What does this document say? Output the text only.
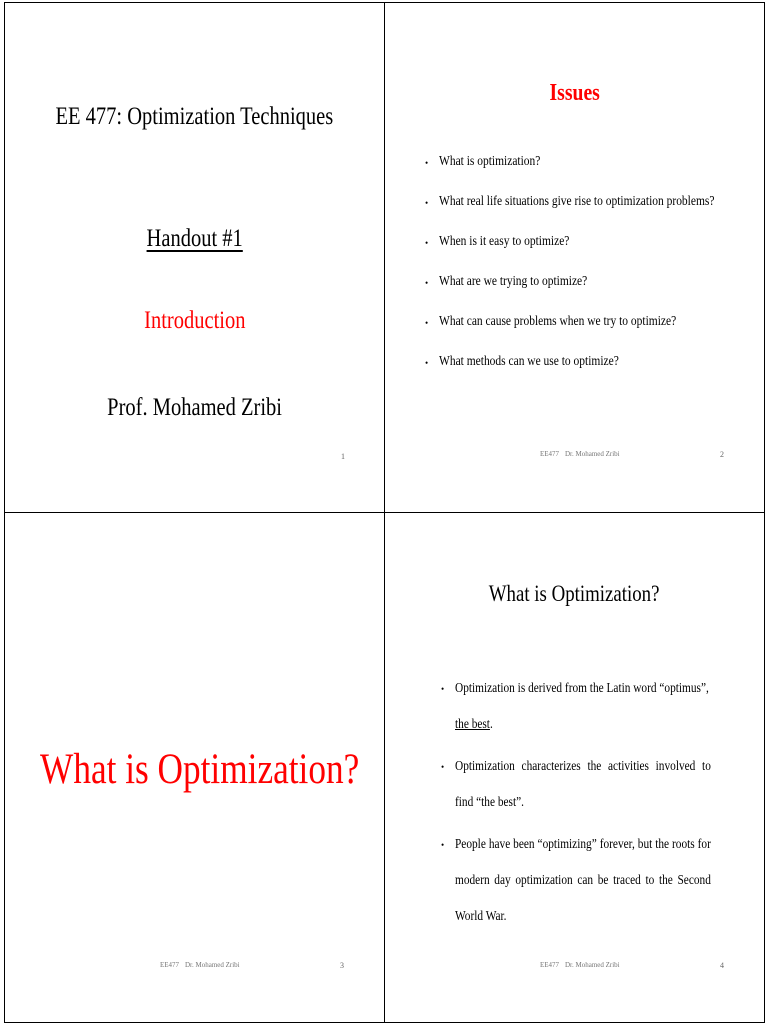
EE 477: Optimization Techniques
Handout #1
Introduction
Prof. Mohamed Zribi
1
Issues
• What is optimization?
• What real life situations give rise to optimization problems?
• When is it easy to optimize?
• What are we trying to optimize?
• What can cause problems when we try to optimize?
• What methods can we use to optimize?
EE477 Dr. Mohamed Zribi	2
What is Optimization?
EE477 Dr. Mohamed Zribi	3
What is Optimization?
• Optimization is derived from the Latin word “optimus”,
the best.
• Optimization characterizes the activities involved to find “the best”.
• People have been “optimizing” forever, but the roots for modern day optimization can be traced to the Second World War.
EE477 Dr. Mohamed Zribi	4
